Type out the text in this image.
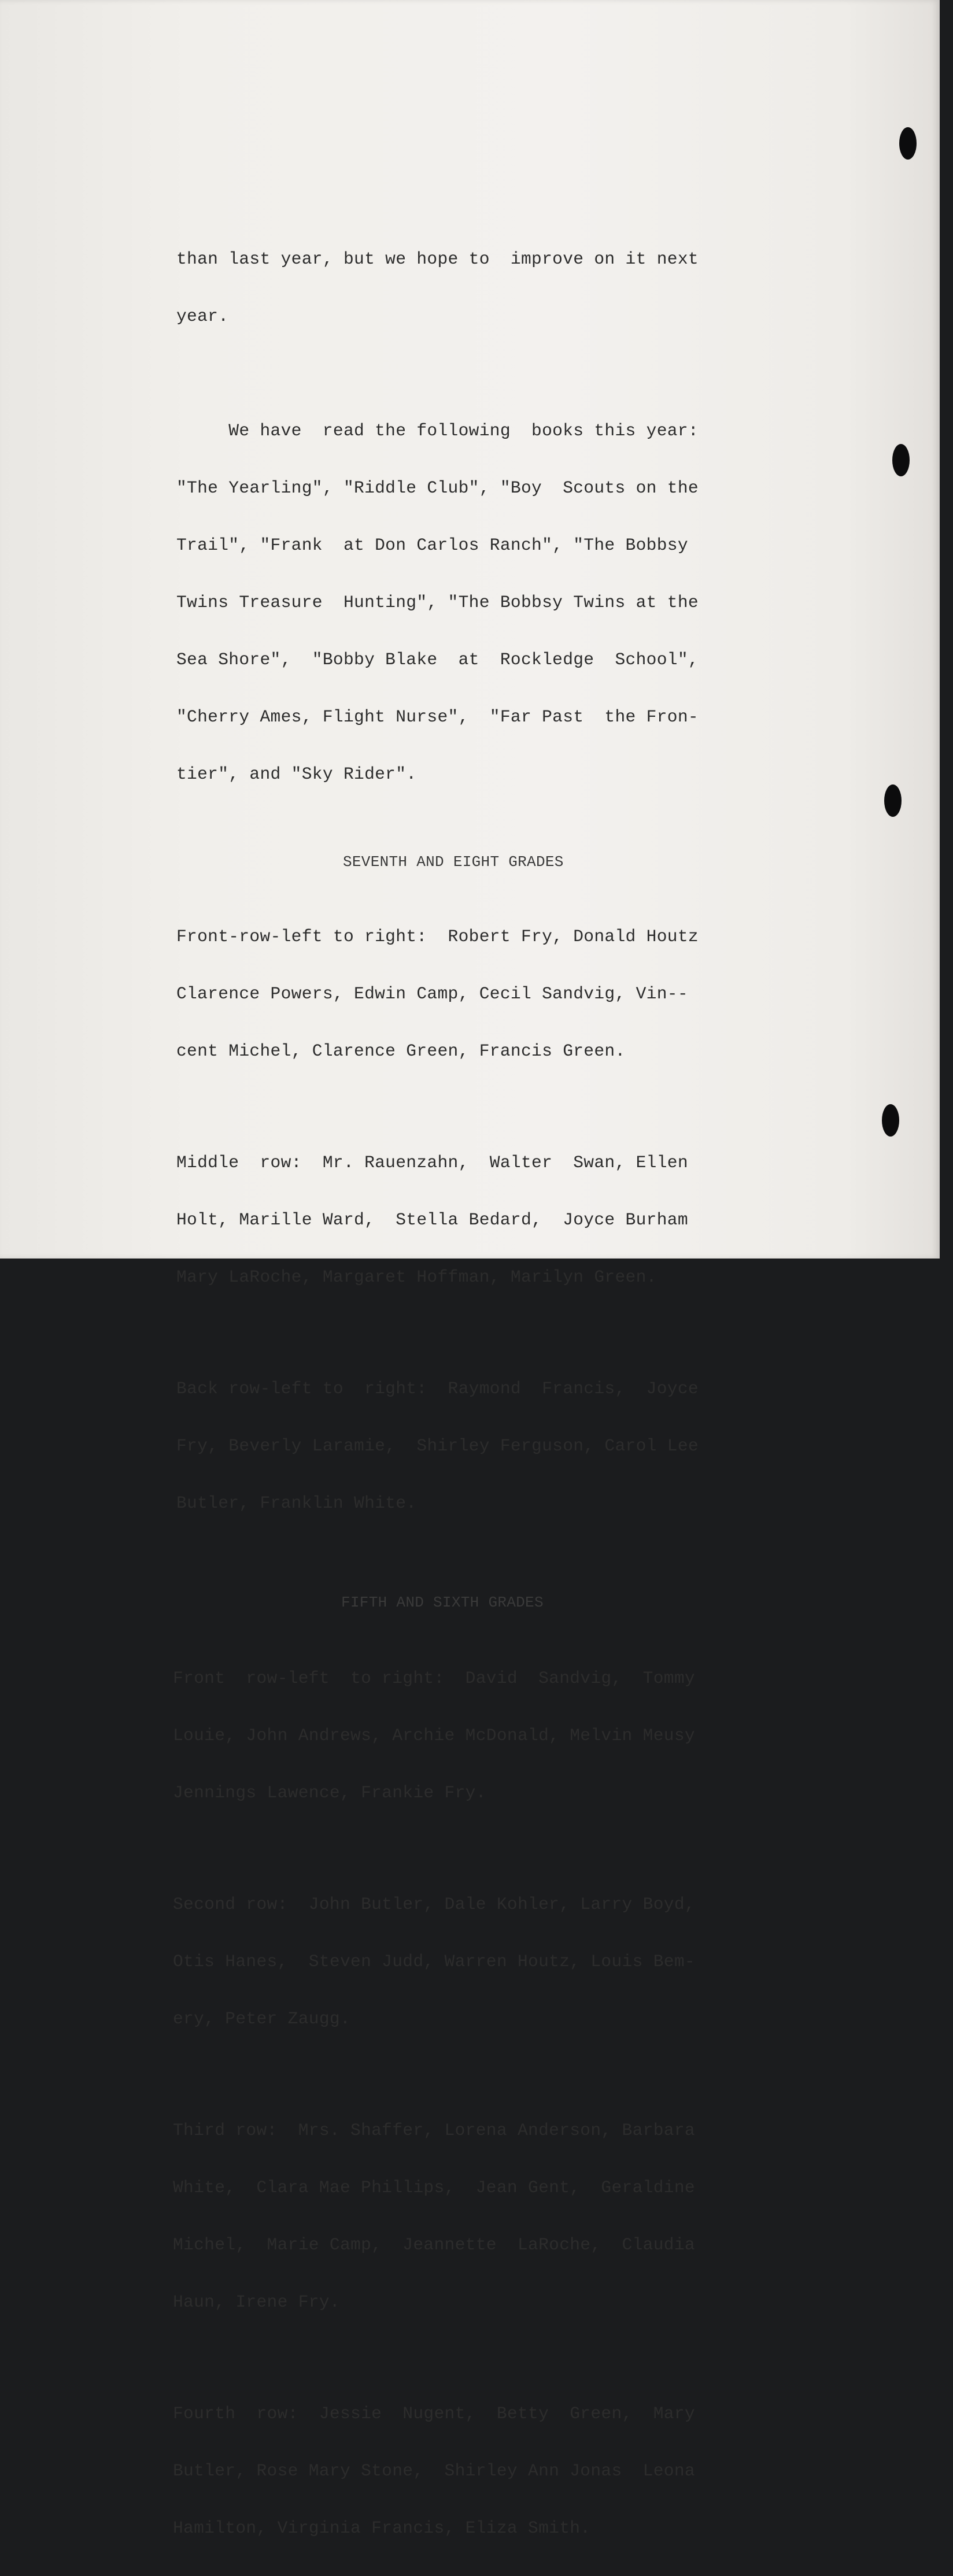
than last year, but we hope to  improve on it next

year.

We have  read the following  books this year:

"The Yearling", "Riddle Club", "Boy  Scouts on the

Trail", "Frank  at Don Carlos Ranch", "The Bobbsy

Twins Treasure  Hunting", "The Bobbsy Twins at the

Sea Shore",  "Bobby Blake  at  Rockledge  School",

"Cherry Ames, Flight Nurse",  "Far Past  the Fron-

tier", and "Sky Rider".

SEVENTH AND EIGHT GRADES

Front-row-left to right:  Robert Fry, Donald Houtz

Clarence Powers, Edwin Camp, Cecil Sandvig, Vin--

cent Michel, Clarence Green, Francis Green.

Middle  row:  Mr. Rauenzahn,  Walter  Swan, Ellen

Holt, Marille Ward,  Stella Bedard,  Joyce Burham

Mary LaRoche, Margaret Hoffman, Marilyn Green.

Back row-left to  right:  Raymond  Francis,  Joyce

Fry, Beverly Laramie,  Shirley Ferguson, Carol Lee

Butler, Franklin White.

FIFTH AND SIXTH GRADES

Front  row-left  to right:  David  Sandvig,  Tommy

Louie, John Andrews, Archie McDonald, Melvin Meusy

Jennings Lawence, Frankie Fry.

Second row:  John Butler, Dale Kohler, Larry Boyd,

Otis Hanes,  Steven Judd, Warren Houtz, Louis Bem-

ery, Peter Zaugg.

Third row:  Mrs. Shaffer, Lorena Anderson, Barbara

White,  Clara Mae Phillips,  Jean Gent,  Geraldine

Michel,  Marie Camp,  Jeannette  LaRoche,  Claudia

Haun, Irene Fry.

Fourth  row:  Jessie  Nugent,  Betty  Green,  Mary

Butler, Rose Mary Stone,  Shirley Ann Jonas  Leona

Hamilton, Virginia Francis, Eliza Smith.
